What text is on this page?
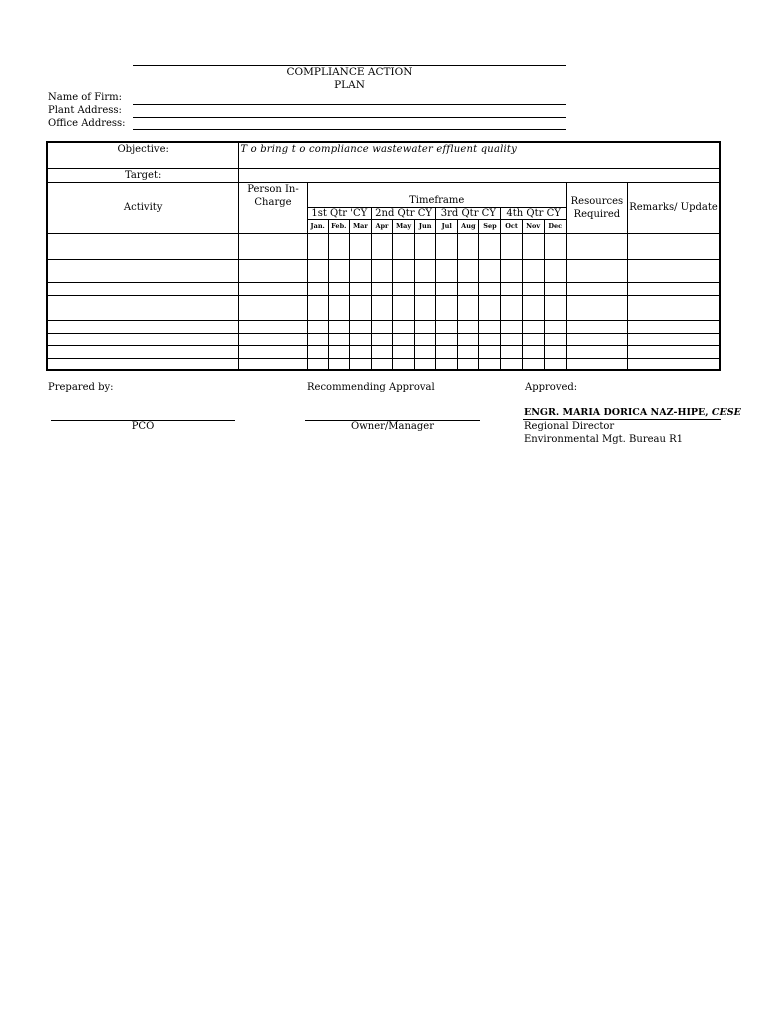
COMPLIANCE ACTION
PLAN
Name of Firm:
Plant Address:
Office Address:
Objective:	T o bring t o compliance wastewater effluent quality														
Target:															
Activity	Person In-Charge	Timeframe												Resources Required	Remarks/ Update
		1st Qtr 'CY			2nd Qtr CY			3rd Qtr CY			4th Qtr CY				
		Jan.	Feb.	Mar	Apr	May	Jun	Jul	Aug	Sep	Oct	Nov	Dec		

Prepared by:	Recommending Approval	Approved:
ENGR. MARIA DORICA NAZ-HIPE, CESE
PCO	Owner/Manager	Regional Director
Environmental Mgt. Bureau R1
